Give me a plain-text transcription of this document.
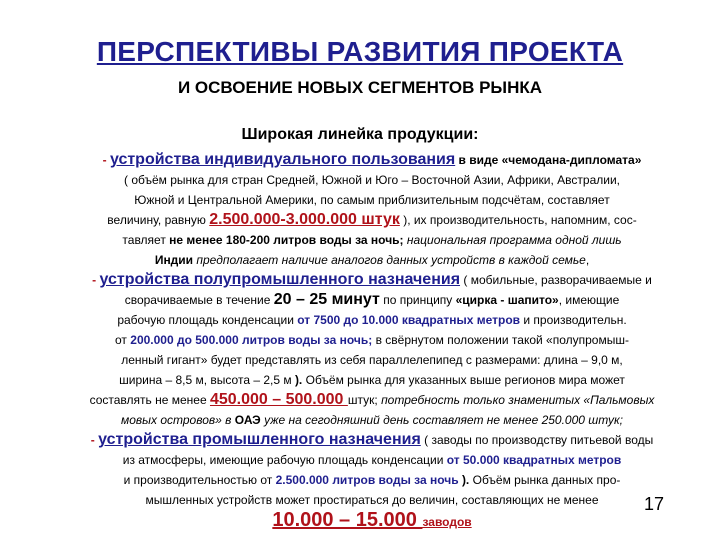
ПЕРСПЕКТИВЫ РАЗВИТИЯ ПРОЕКТА
И ОСВОЕНИЕ НОВЫХ СЕГМЕНТОВ РЫНКА
Широкая линейка продукции:
- устройства индивидуального пользования в виде «чемодана-дипломата»
( объём рынка для стран Средней, Южной и Юго – Восточной Азии, Африки, Австралии,
Южной и Центральной Америки, по самым приблизительным подсчётам, составляет
величину, равную 2.500.000-3.000.000 штук ), их производительность, напомним, сос-
тавляет не менее 180-200 литров воды за ночь; национальная программа одной лишь
Индии предполагает наличие аналогов данных устройств в каждой семье,
- устройства полупромышленного назначения ( мобильные, разворачиваемые и
сворачиваемые в течение 20 – 25 минут по принципу «цирка - шапито», имеющие
рабочую площадь конденсации от 7500 до 10.000 квадратных метров и производительн.
от 200.000 до 500.000 литров воды за ночь; в свёрнутом положении такой «полупромыш-
ленный гигант» будет представлять из себя параллелепипед с размерами: длина – 9,0 м,
ширина – 8,5 м, высота – 2,5 м ). Объём рынка для указанных выше регионов мира может
составлять не менее 450.000 – 500.000 штук; потребность только знаменитых «Пальмовых
мовых островов» в ОАЭ уже на сегодняшний день составляет не менее 250.000 штук;
- устройства промышленного назначения ( заводы по производству питьевой воды
из атмосферы, имеющие рабочую площадь конденсации от 50.000 квадратных метров
и производительностью от 2.500.000 литров воды за ночь ). Объём рынка данных про-
мышленных устройств может простираться до величин, составляющих не менее
10.000 – 15.000 заводов
17
